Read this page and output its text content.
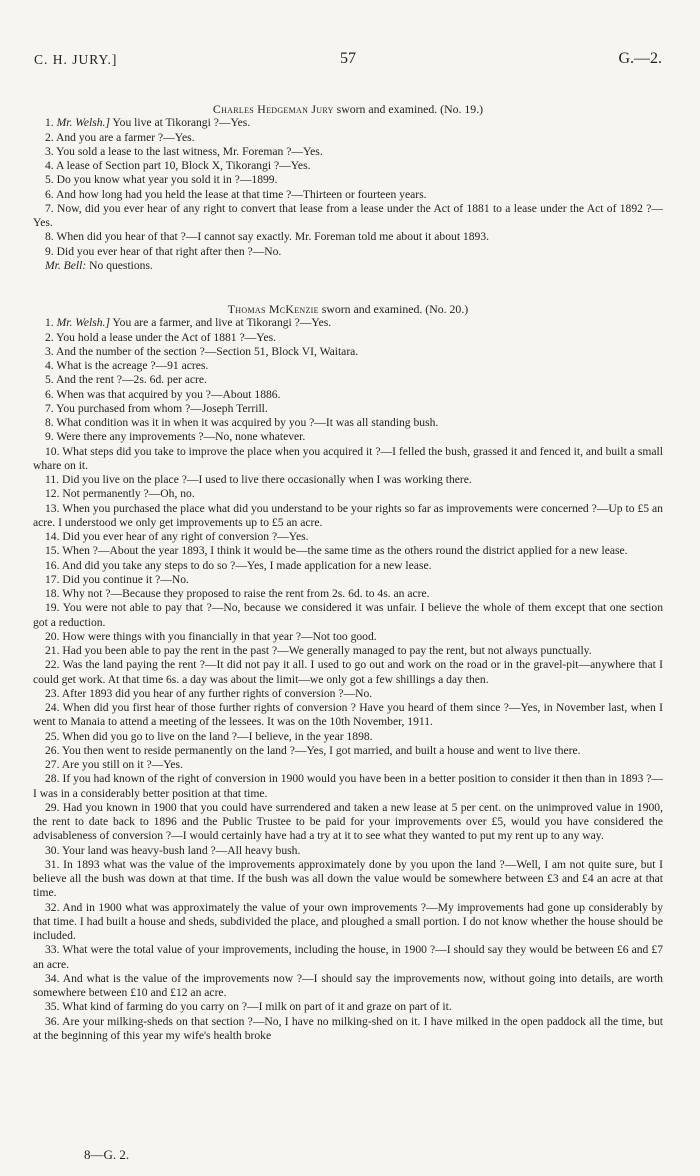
C. H. JURY.]	57	G.—2.

Charles Hedgeman Jury sworn and examined. (No. 19.)

1. Mr. Welsh.] You live at Tikorangi ?—Yes.

2. And you are a farmer ?—Yes.

3. You sold a lease to the last witness, Mr. Foreman ?—Yes.

4. A lease of Section part 10, Block X, Tikorangi ?—Yes.

5. Do you know what year you sold it in ?—1899.

6. And how long had you held the lease at that time ?—Thirteen or fourteen years.

7. Now, did you ever hear of any right to convert that lease from a lease under the Act of 1881 to a lease under the Act of 1892 ?—Yes.

8. When did you hear of that ?—I cannot say exactly. Mr. Foreman told me about it about 1893.

9. Did you ever hear of that right after then ?—No.

Mr. Bell: No questions.

Thomas McKenzie sworn and examined. (No. 20.)

1. Mr. Welsh.] You are a farmer, and live at Tikorangi ?—Yes.

2. You hold a lease under the Act of 1881 ?—Yes.

3. And the number of the section ?—Section 51, Block VI, Waitara.

4. What is the acreage ?—91 acres.

5. And the rent ?—2s. 6d. per acre.

6. When was that acquired by you ?—About 1886.

7. You purchased from whom ?—Joseph Terrill.

8. What condition was it in when it was acquired by you ?—It was all standing bush.

9. Were there any improvements ?—No, none whatever.

10. What steps did you take to improve the place when you acquired it ?—I felled the bush, grassed it and fenced it, and built a small whare on it.

11. Did you live on the place ?—I used to live there occasionally when I was working there.

12. Not permanently ?—Oh, no.

13. When you purchased the place what did you understand to be your rights so far as improvements were concerned ?—Up to £5 an acre. I understood we only get improvements up to £5 an acre.

14. Did you ever hear of any right of conversion ?—Yes.

15. When ?—About the year 1893, I think it would be—the same time as the others round the district applied for a new lease.

16. And did you take any steps to do so ?—Yes, I made application for a new lease.

17. Did you continue it ?—No.

18. Why not ?—Because they proposed to raise the rent from 2s. 6d. to 4s. an acre.

19. You were not able to pay that ?—No, because we considered it was unfair. I believe the whole of them except that one section got a reduction.

20. How were things with you financially in that year ?—Not too good.

21. Had you been able to pay the rent in the past ?—We generally managed to pay the rent, but not always punctually.

22. Was the land paying the rent ?—It did not pay it all. I used to go out and work on the road or in the gravel-pit—anywhere that I could get work. At that time 6s. a day was about the limit—we only got a few shillings a day then.

23. After 1893 did you hear of any further rights of conversion ?—No.

24. When did you first hear of those further rights of conversion ? Have you heard of them since ?—Yes, in November last, when I went to Manaia to attend a meeting of the lessees. It was on the 10th November, 1911.

25. When did you go to live on the land ?—I believe, in the year 1898.

26. You then went to reside permanently on the land ?—Yes, I got married, and built a house and went to live there.

27. Are you still on it ?—Yes.

28. If you had known of the right of conversion in 1900 would you have been in a better position to consider it then than in 1893 ?—I was in a considerably better position at that time.

29. Had you known in 1900 that you could have surrendered and taken a new lease at 5 per cent. on the unimproved value in 1900, the rent to date back to 1896 and the Public Trustee to be paid for your improvements over £5, would you have considered the advisableness of conversion ?—I would certainly have had a try at it to see what they wanted to put my rent up to any way.

30. Your land was heavy-bush land ?—All heavy bush.

31. In 1893 what was the value of the improvements approximately done by you upon the land ?—Well, I am not quite sure, but I believe all the bush was down at that time. If the bush was all down the value would be somewhere between £3 and £4 an acre at that time.

32. And in 1900 what was approximately the value of your own improvements ?—My improvements had gone up considerably by that time. I had built a house and sheds, subdivided the place, and ploughed a small portion. I do not know whether the house should be included.

33. What were the total value of your improvements, including the house, in 1900 ?—I should say they would be between £6 and £7 an acre.

34. And what is the value of the improvements now ?—I should say the improvements now, without going into details, are worth somewhere between £10 and £12 an acre.

35. What kind of farming do you carry on ?—I milk on part of it and graze on part of it.

36. Are your milking-sheds on that section ?—No, I have no milking-shed on it. I have milked in the open paddock all the time, but at the beginning of this year my wife's health broke

8—G. 2.
